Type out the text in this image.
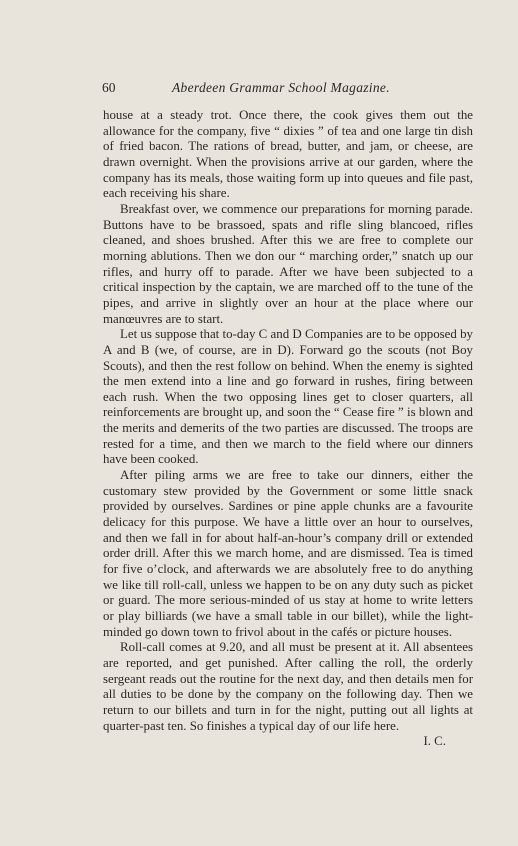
60	Aberdeen Grammar School Magazine.

house at a steady trot. Once there, the cook gives them out the allowance for the company, five “ dixies ” of tea and one large tin dish of fried bacon. The rations of bread, butter, and jam, or cheese, are drawn overnight. When the provisions arrive at our garden, where the company has its meals, those waiting form up into queues and file past, each receiving his share.

Breakfast over, we commence our preparations for morning parade. Buttons have to be brassoed, spats and rifle sling blancoed, rifles cleaned, and shoes brushed. After this we are free to complete our morning ablutions. Then we don our “ marching order,” snatch up our rifles, and hurry off to parade. After we have been subjected to a critical inspection by the captain, we are marched off to the tune of the pipes, and arrive in slightly over an hour at the place where our manœuvres are to start.

Let us suppose that to-day C and D Companies are to be opposed by A and B (we, of course, are in D). Forward go the scouts (not Boy Scouts), and then the rest follow on behind. When the enemy is sighted the men extend into a line and go forward in rushes, firing between each rush. When the two opposing lines get to closer quarters, all reinforcements are brought up, and soon the “ Cease fire ” is blown and the merits and demerits of the two parties are discussed. The troops are rested for a time, and then we march to the field where our dinners have been cooked.

After piling arms we are free to take our dinners, either the customary stew provided by the Government or some little snack provided by ourselves. Sardines or pine apple chunks are a favourite delicacy for this purpose. We have a little over an hour to ourselves, and then we fall in for about half-an-hour’s company drill or extended order drill. After this we march home, and are dismissed. Tea is timed for five o’clock, and afterwards we are absolutely free to do anything we like till roll-call, unless we happen to be on any duty such as picket or guard. The more serious-minded of us stay at home to write letters or play billiards (we have a small table in our billet), while the light-minded go down town to frivol about in the cafés or picture houses.

Roll-call comes at 9.20, and all must be present at it. All absentees are reported, and get punished. After calling the roll, the orderly sergeant reads out the routine for the next day, and then details men for all duties to be done by the company on the following day. Then we return to our billets and turn in for the night, putting out all lights at quarter-past ten. So finishes a typical day of our life here.

I. C.
